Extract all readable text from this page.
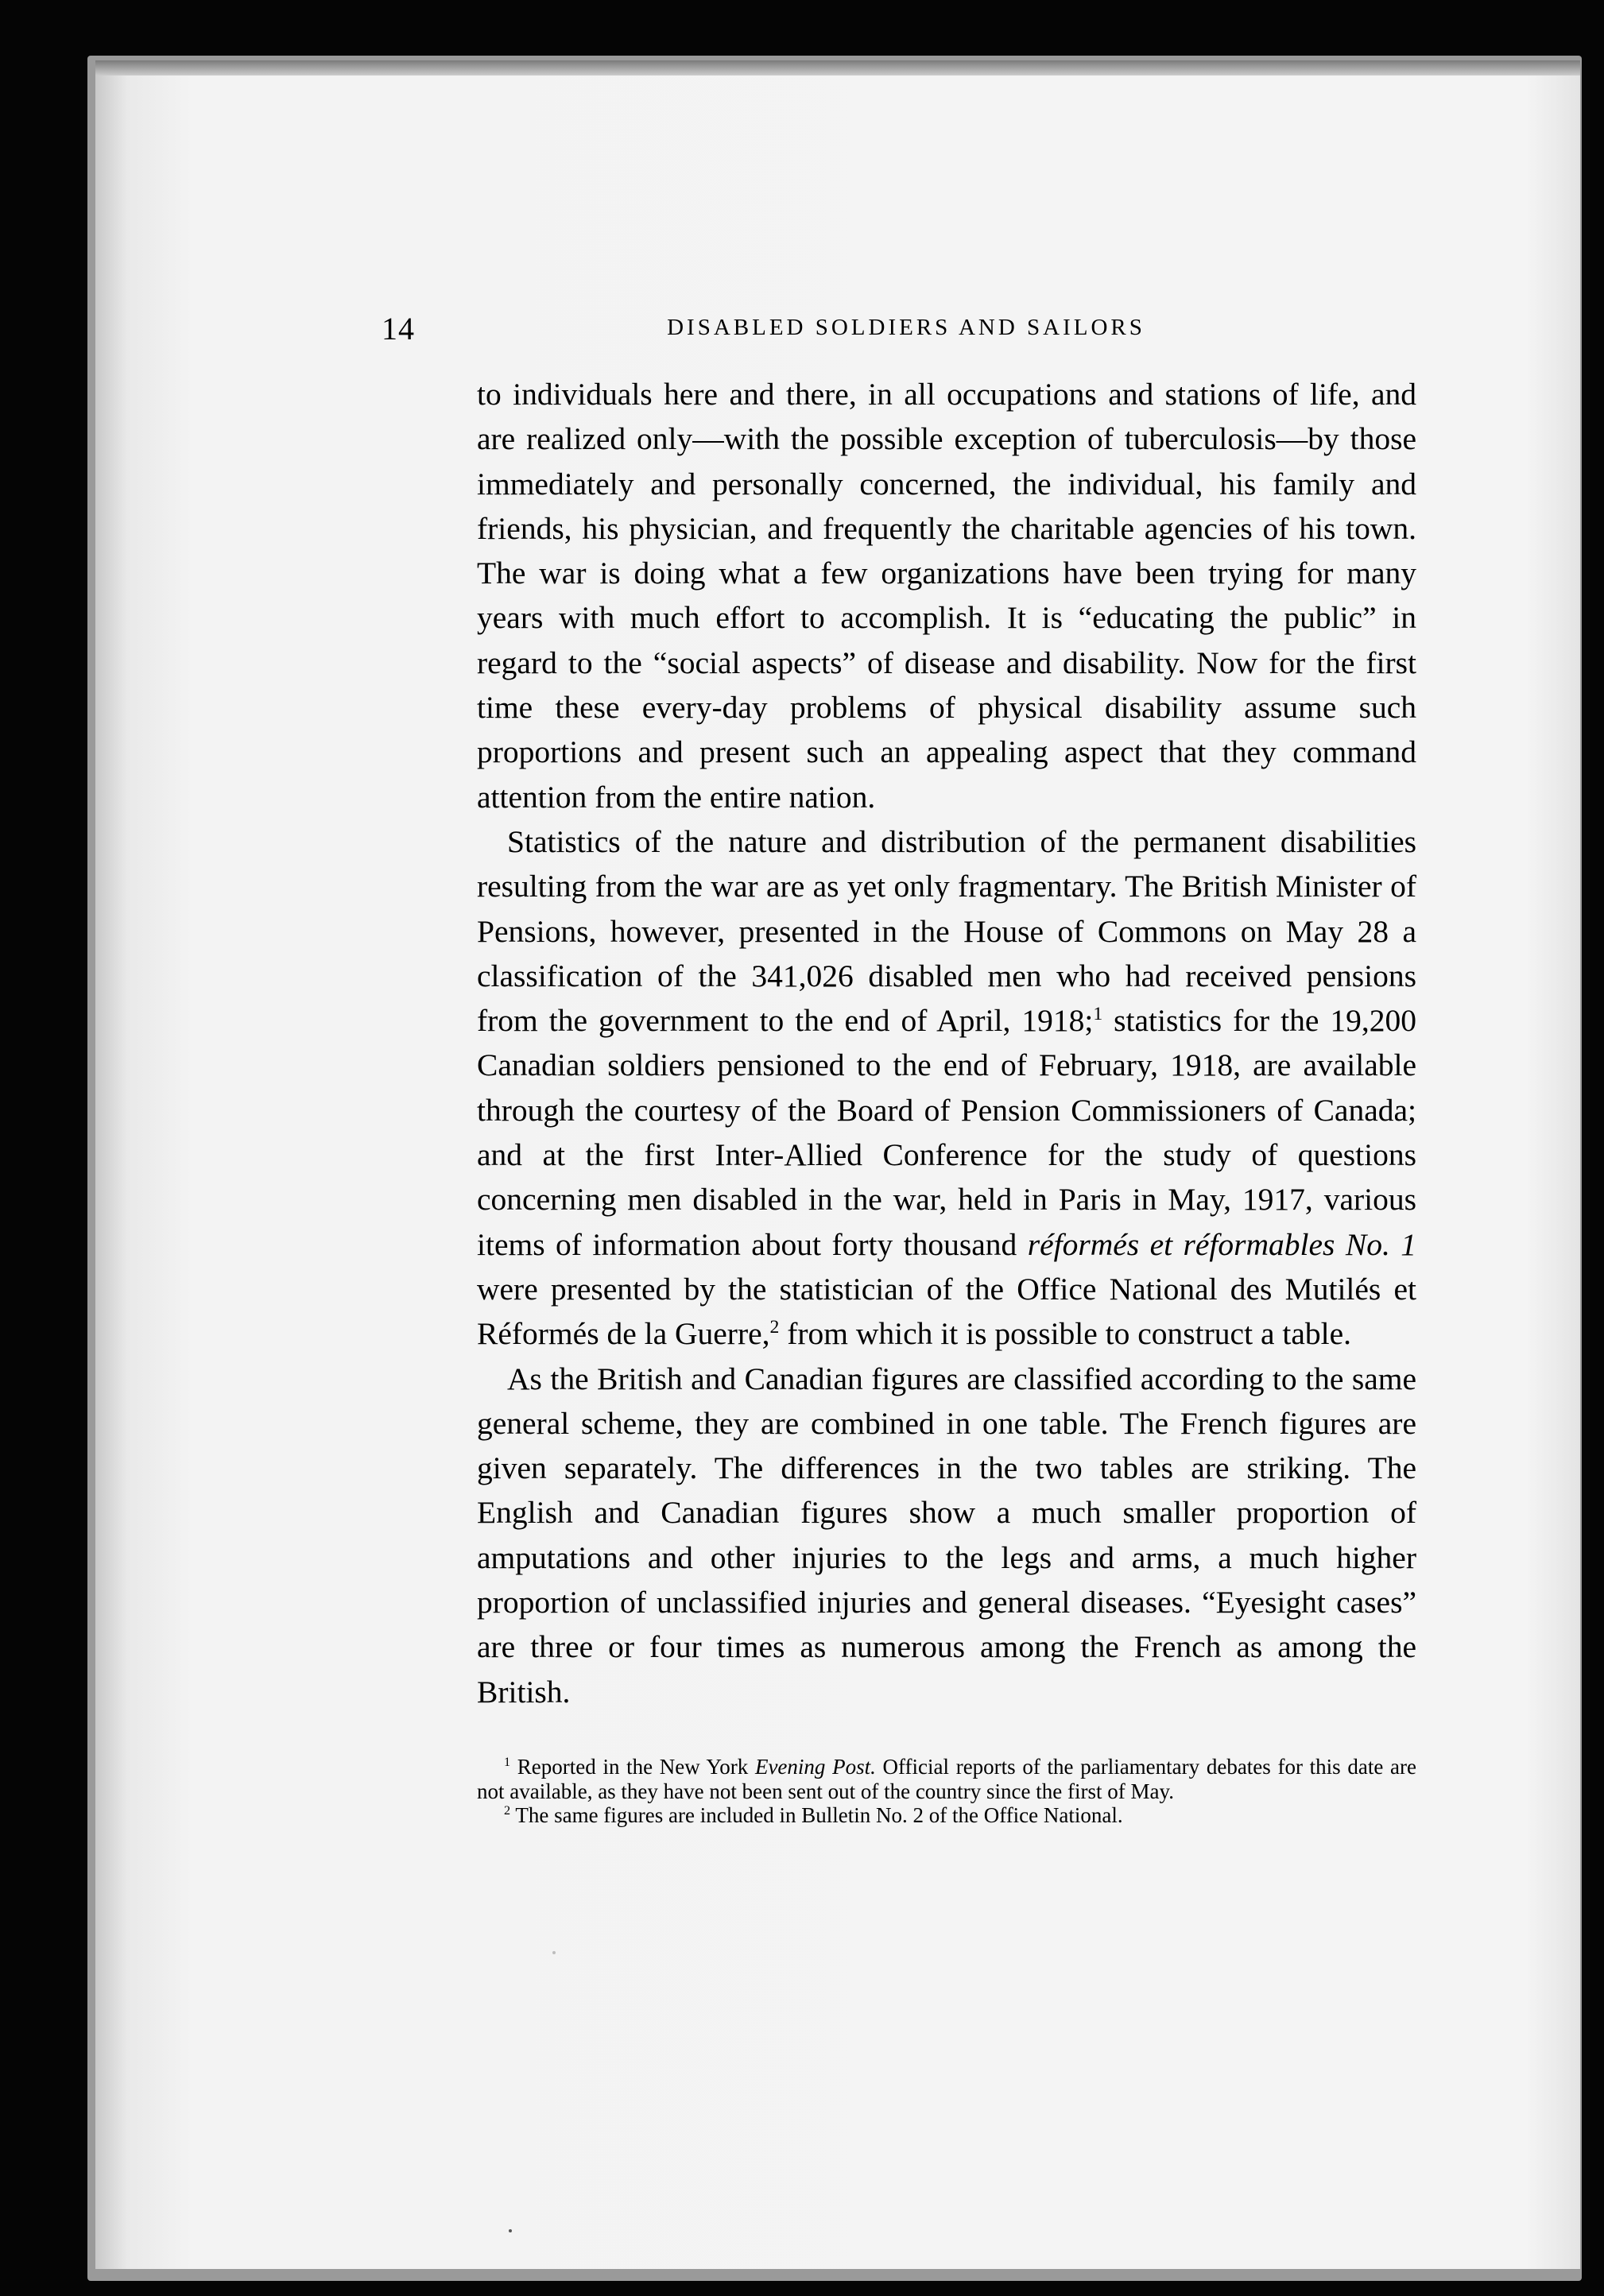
14	DISABLED SOLDIERS AND SAILORS

to individuals here and there, in all occupations and stations of life, and are realized only—with the possible exception of tuberculosis—by those immediately and personally concerned, the individual, his family and friends, his physician, and frequently the charitable agencies of his town. The war is doing what a few organizations have been trying for many years with much effort to accomplish. It is “educating the public” in regard to the “social aspects” of disease and disability. Now for the first time these every-day problems of physical disability assume such proportions and present such an appealing aspect that they command attention from the entire nation.

Statistics of the nature and distribution of the permanent disabilities resulting from the war are as yet only fragmentary. The British Minister of Pensions, however, presented in the House of Commons on May 28 a classification of the 341,026 disabled men who had received pensions from the government to the end of April, 1918;$^1$ statistics for the 19,200 Canadian soldiers pensioned to the end of February, 1918, are available through the courtesy of the Board of Pension Commissioners of Canada; and at the first Inter-Allied Conference for the study of questions concerning men disabled in the war, held in Paris in May, 1917, various items of information about forty thousand réformés et réformables No. 1 were presented by the statistician of the Office National des Mutilés et Réformés de la Guerre,$^2$ from which it is possible to construct a table.

As the British and Canadian figures are classified according to the same general scheme, they are combined in one table. The French figures are given separately. The differences in the two tables are striking. The English and Canadian figures show a much smaller proportion of amputations and other injuries to the legs and arms, a much higher proportion of unclassified injuries and general diseases. “Eyesight cases” are three or four times as numerous among the French as among the British.

$^1$ Reported in the New York Evening Post. Official reports of the parliamentary debates for this date are not available, as they have not been sent out of the country since the first of May.

$^2$ The same figures are included in Bulletin No. 2 of the Office National.
